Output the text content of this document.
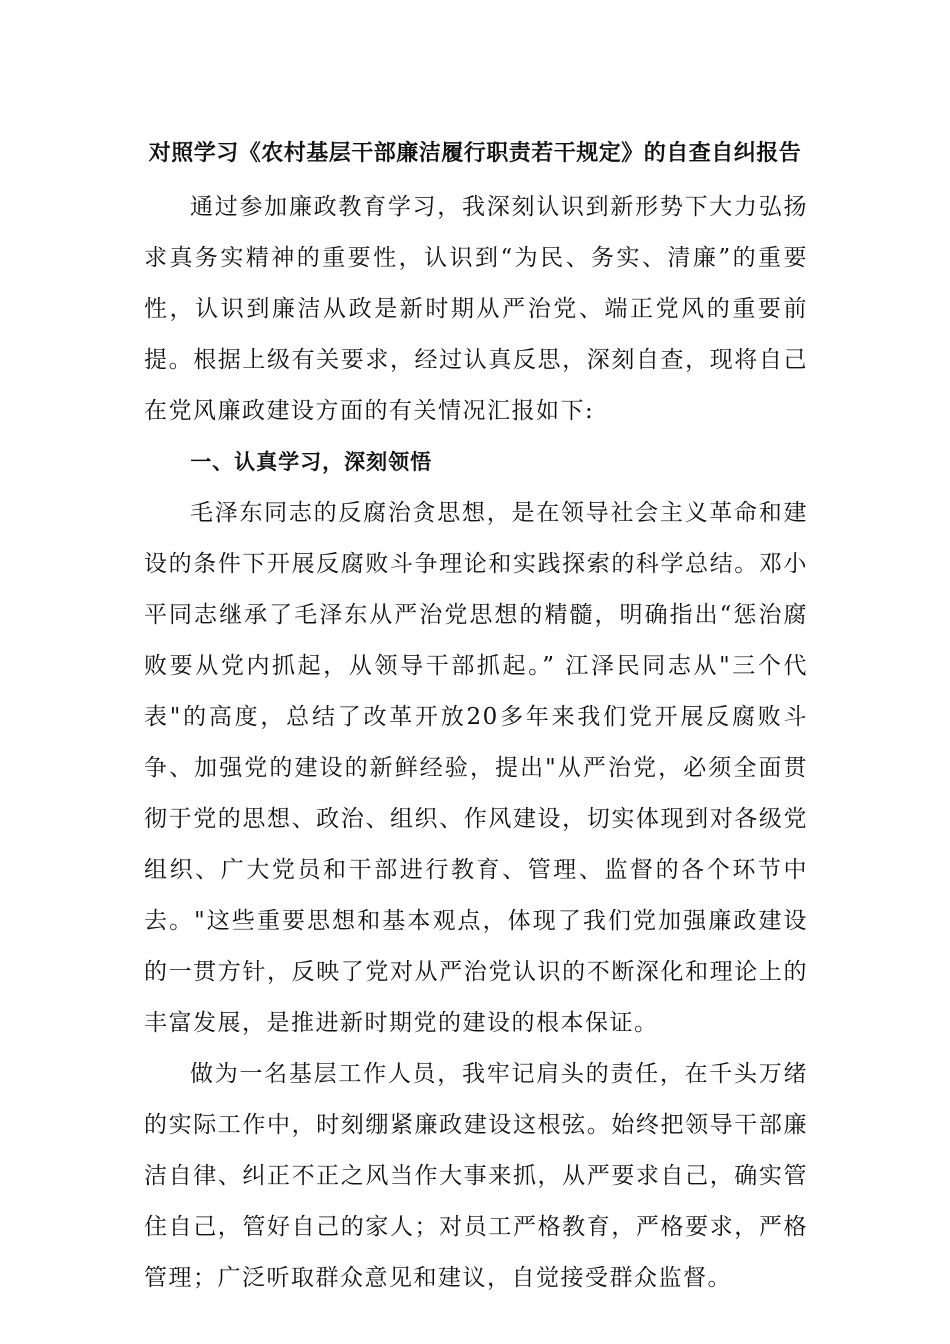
对照学习《农村基层干部廉洁履行职责若干规定》的自查自纠报告

通过参加廉政教育学习，我深刻认识到新形势下大力弘扬求真务实精神的重要性，认识到“为民、务实、清廉”的重要性，认识到廉洁从政是新时期从严治党、端正党风的重要前提。根据上级有关要求，经过认真反思，深刻自查，现将自己在党风廉政建设方面的有关情况汇报如下:

一、认真学习，深刻领悟

毛泽东同志的反腐治贪思想，是在领导社会主义革命和建设的条件下开展反腐败斗争理论和实践探索的科学总结。邓小平同志继承了毛泽东从严治党思想的精髓，明确指出“惩治腐败要从党内抓起，从领导干部抓起。” 江泽民同志从"三个代表"的高度，总结了改革开放20多年来我们党开展反腐败斗争、加强党的建设的新鲜经验，提出"从严治党，必须全面贯彻于党的思想、政治、组织、作风建设，切实体现到对各级党组织、广大党员和干部进行教育、管理、监督的各个环节中去。"这些重要思想和基本观点，体现了我们党加强廉政建设的一贯方针，反映了党对从严治党认识的不断深化和理论上的丰富发展，是推进新时期党的建设的根本保证。

做为一名基层工作人员，我牢记肩头的责任，在千头万绪的实际工作中，时刻绷紧廉政建设这根弦。始终把领导干部廉洁自律、纠正不正之风当作大事来抓，从严要求自己，确实管住自己，管好自己的家人；对员工严格教育，严格要求，严格管理；广泛听取群众意见和建议，自觉接受群众监督。
